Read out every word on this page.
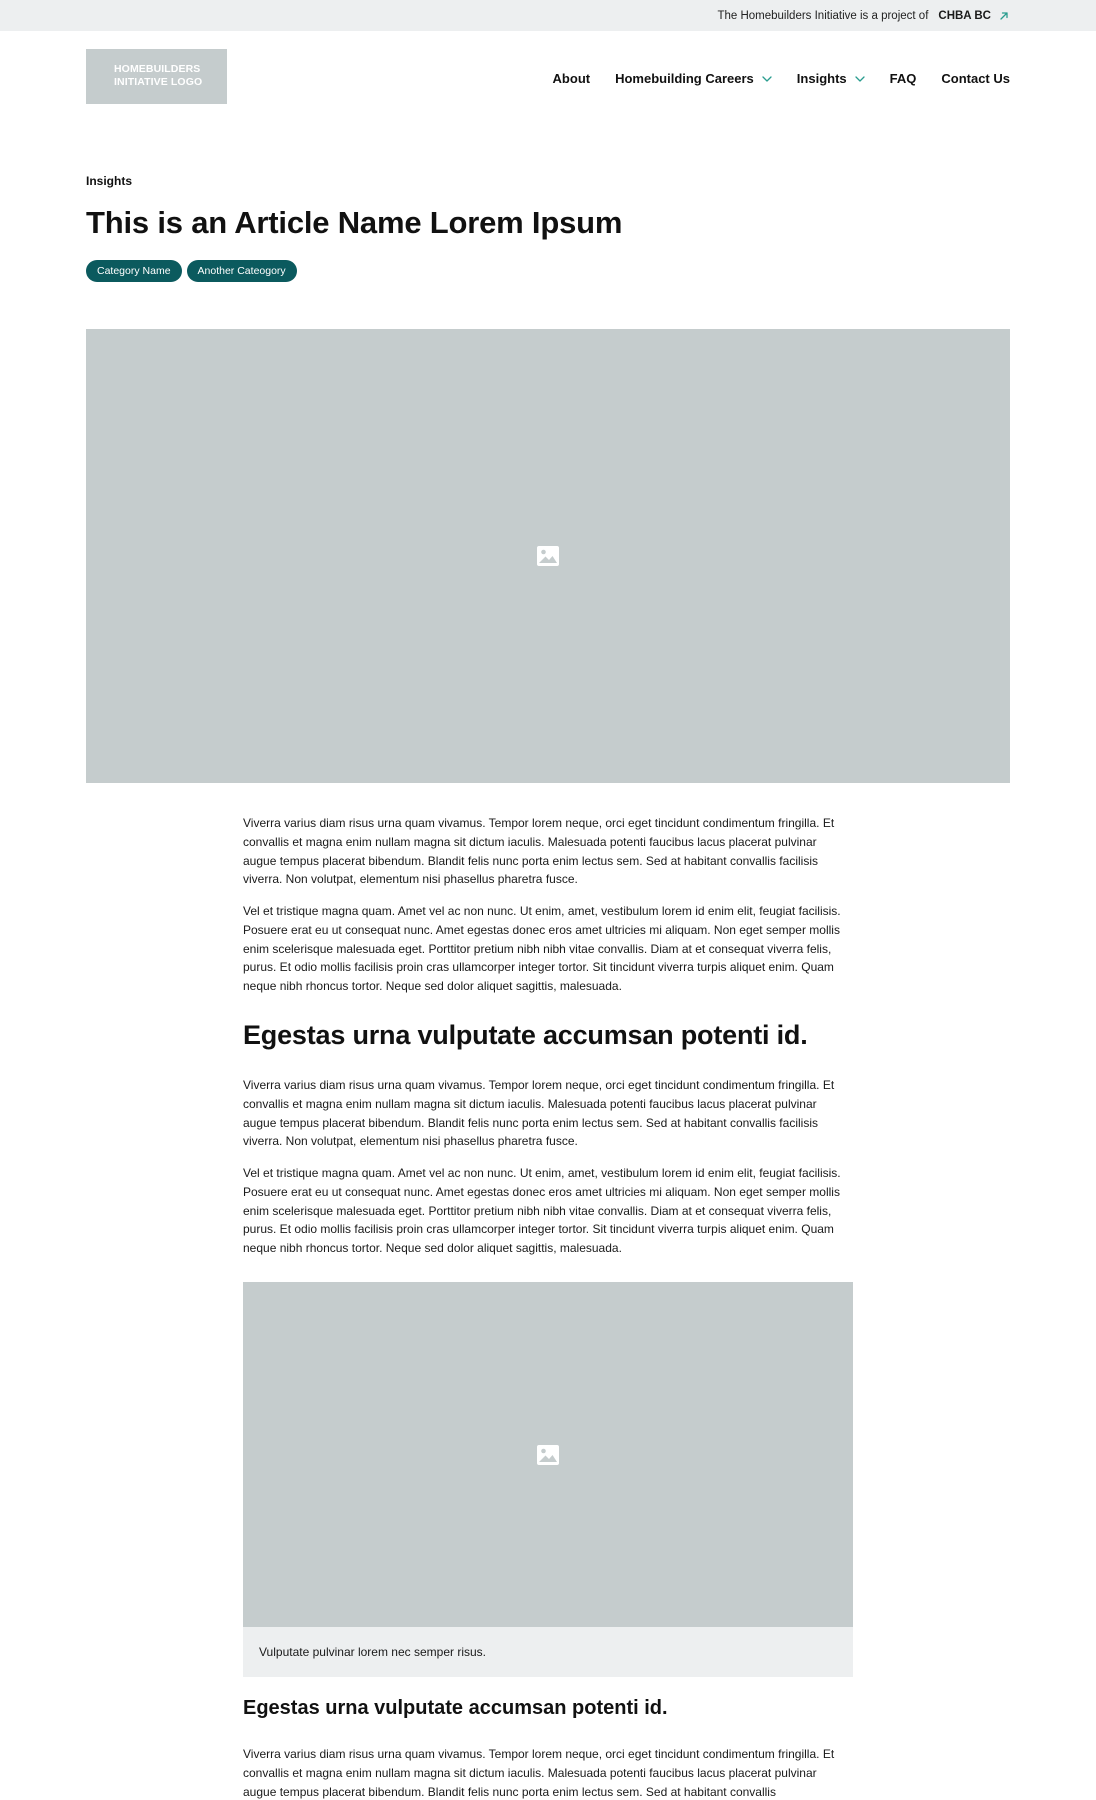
The Homebuilders Initiative is a project of CHBA BC
HOMEBUILDERS
INITIATIVE LOGO	About Homebuilding Careers	Insights	FAQ Contact Us
Insights
This is an Article Name Lorem Ipsum
Category Name	Another Cateogory

Viverra varius diam risus urna quam vivamus. Tempor lorem neque, orci eget tincidunt condimentum fringilla. Et convallis et magna enim nullam magna sit dictum iaculis. Malesuada potenti faucibus lacus placerat pulvinar augue tempus placerat bibendum. Blandit felis nunc porta enim lectus sem. Sed at habitant convallis facilisis viverra. Non volutpat, elementum nisi phasellus pharetra fusce.

Vel et tristique magna quam. Amet vel ac non nunc. Ut enim, amet, vestibulum lorem id enim elit, feugiat facilisis. Posuere erat eu ut consequat nunc. Amet egestas donec eros amet ultricies mi aliquam. Non eget semper mollis enim scelerisque malesuada eget. Porttitor pretium nibh nibh vitae convallis. Diam at et consequat viverra felis, purus. Et odio mollis facilisis proin cras ullamcorper integer tortor. Sit tincidunt viverra turpis aliquet enim. Quam neque nibh rhoncus tortor. Neque sed dolor aliquet sagittis, malesuada.

Egestas urna vulputate accumsan potenti id.

Viverra varius diam risus urna quam vivamus. Tempor lorem neque, orci eget tincidunt condimentum fringilla. Et convallis et magna enim nullam magna sit dictum iaculis. Malesuada potenti faucibus lacus placerat pulvinar augue tempus placerat bibendum. Blandit felis nunc porta enim lectus sem. Sed at habitant convallis facilisis viverra. Non volutpat, elementum nisi phasellus pharetra fusce.

Vel et tristique magna quam. Amet vel ac non nunc. Ut enim, amet, vestibulum lorem id enim elit, feugiat facilisis. Posuere erat eu ut consequat nunc. Amet egestas donec eros amet ultricies mi aliquam. Non eget semper mollis enim scelerisque malesuada eget. Porttitor pretium nibh nibh vitae convallis. Diam at et consequat viverra felis, purus. Et odio mollis facilisis proin cras ullamcorper integer tortor. Sit tincidunt viverra turpis aliquet enim. Quam neque nibh rhoncus tortor. Neque sed dolor aliquet sagittis, malesuada.

Vulputate pulvinar lorem nec semper risus.
Egestas urna vulputate accumsan potenti id.

Viverra varius diam risus urna quam vivamus. Tempor lorem neque, orci eget tincidunt condimentum fringilla. Et convallis et magna enim nullam magna sit dictum iaculis. Malesuada potenti faucibus lacus placerat pulvinar augue tempus placerat bibendum. Blandit felis nunc porta enim lectus sem. Sed at habitant convallis
